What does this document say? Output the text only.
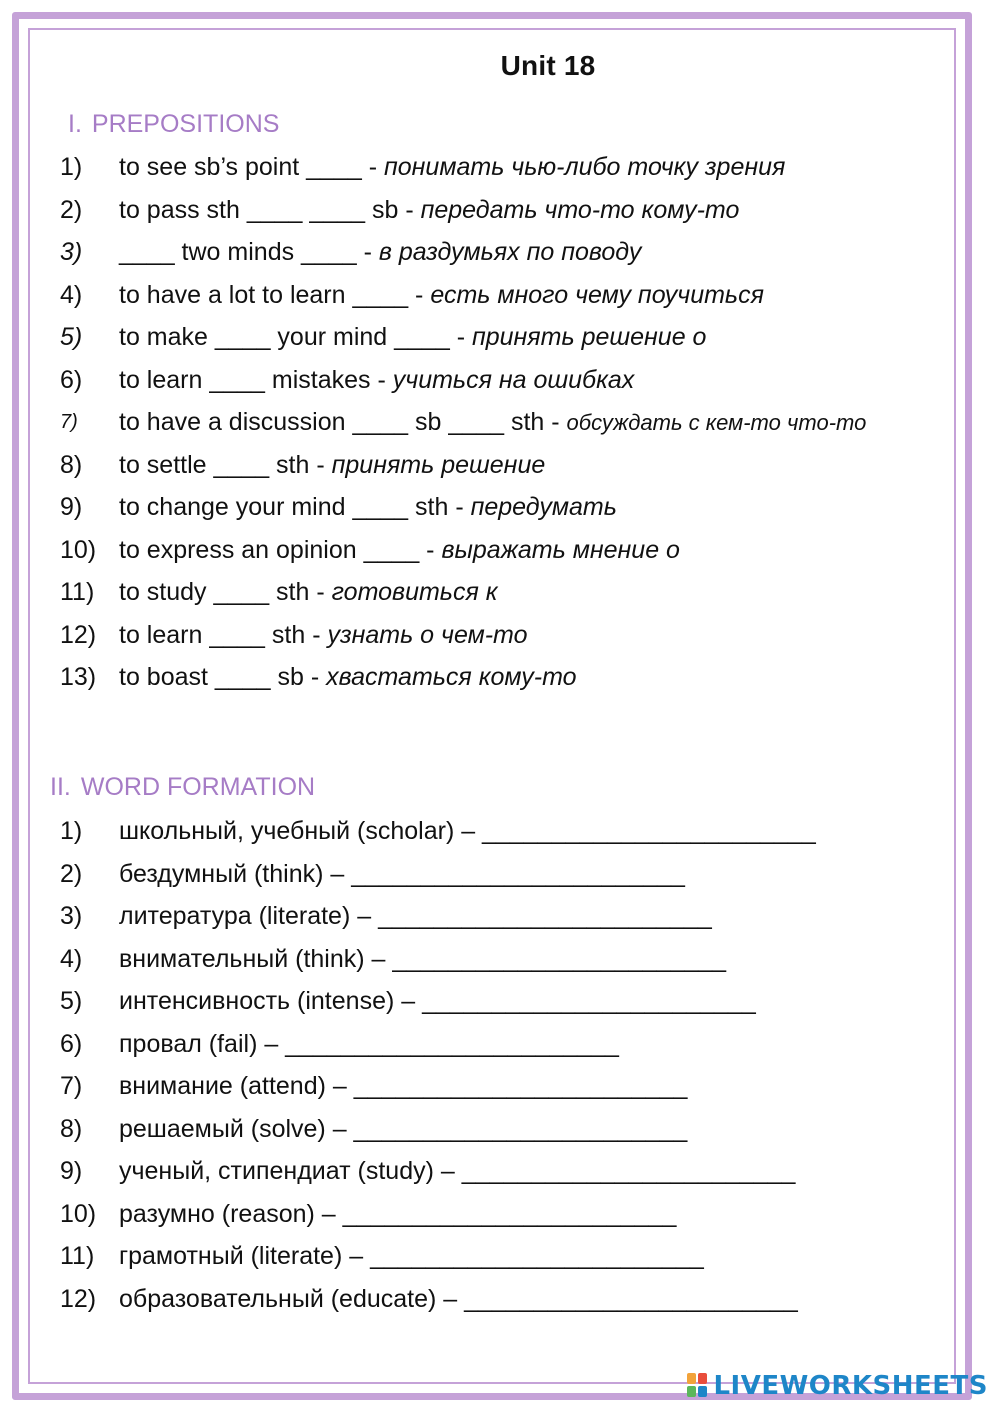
Unit 18
I. PREPOSITIONS
1)	to see sb’s point ____ - понимать чью-либо точку зрения
2)	to pass sth ____ ____ sb - передать что-то кому-то
3)	____ two minds ____ - в раздумьях по поводу
4)	to have a lot to learn ____ - есть много чему поучиться
5)	to make ____ your mind ____ - принять решение о
6)	to learn ____ mistakes - учиться на ошибках
7)	to have a discussion ____ sb ____ sth - обсуждать с кем-то что-то
8)	to settle ____ sth - принять решение
9)	to change your mind ____ sth - передумать
10) to express an opinion ____ - выражать мнение о
11) to study ____ sth - готовиться к
12) to learn ____ sth - узнать о чем-то
13) to boast ____ sb - хвастаться кому-то
II. WORD FORMATION
1)	школьный, учебный (scholar) – ________________________
2)	бездумный (think) – ________________________
3)	литература (literate) – ________________________
4)	внимательный (think) – ________________________
5)	интенсивность (intense) – ________________________
6)	провал (fail) – ________________________
7)	внимание (attend) – ________________________
8)	решаемый (solve) – ________________________
9)	ученый, стипендиат (study) – ________________________
10) разумно (reason) – ________________________
11) грамотный (literate) – ________________________
12) образовательный (educate) – ________________________
LIVEWORKSHEETS
